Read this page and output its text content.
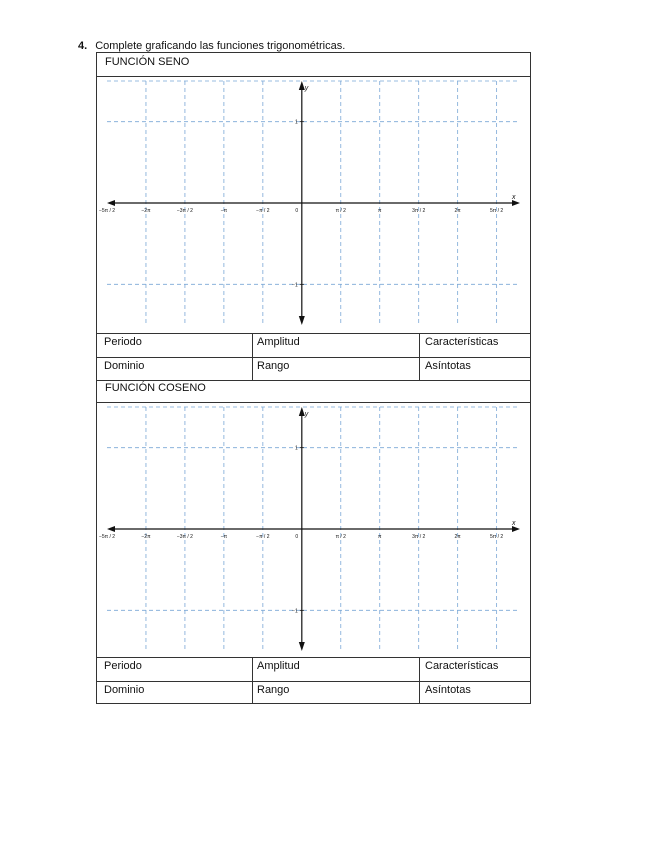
4. Complete graficando las funciones trigonométricas.
FUNCIÓN SENO
x
y
−5π / 2	−2π	−3π / 2	−π	−π / 2	0	π / 2	π	3π / 2	2π	5π / 2
1
−1
Periodo	Amplitud	Características
Dominio	Rango	Asíntotas
FUNCIÓN COSENO
x
y
−5π / 2	−2π	−3π / 2	−π	−π / 2	0	π / 2	π	3π / 2	2π	5π / 2
1
−1
Periodo	Amplitud	Características
Dominio	Rango	Asíntotas
